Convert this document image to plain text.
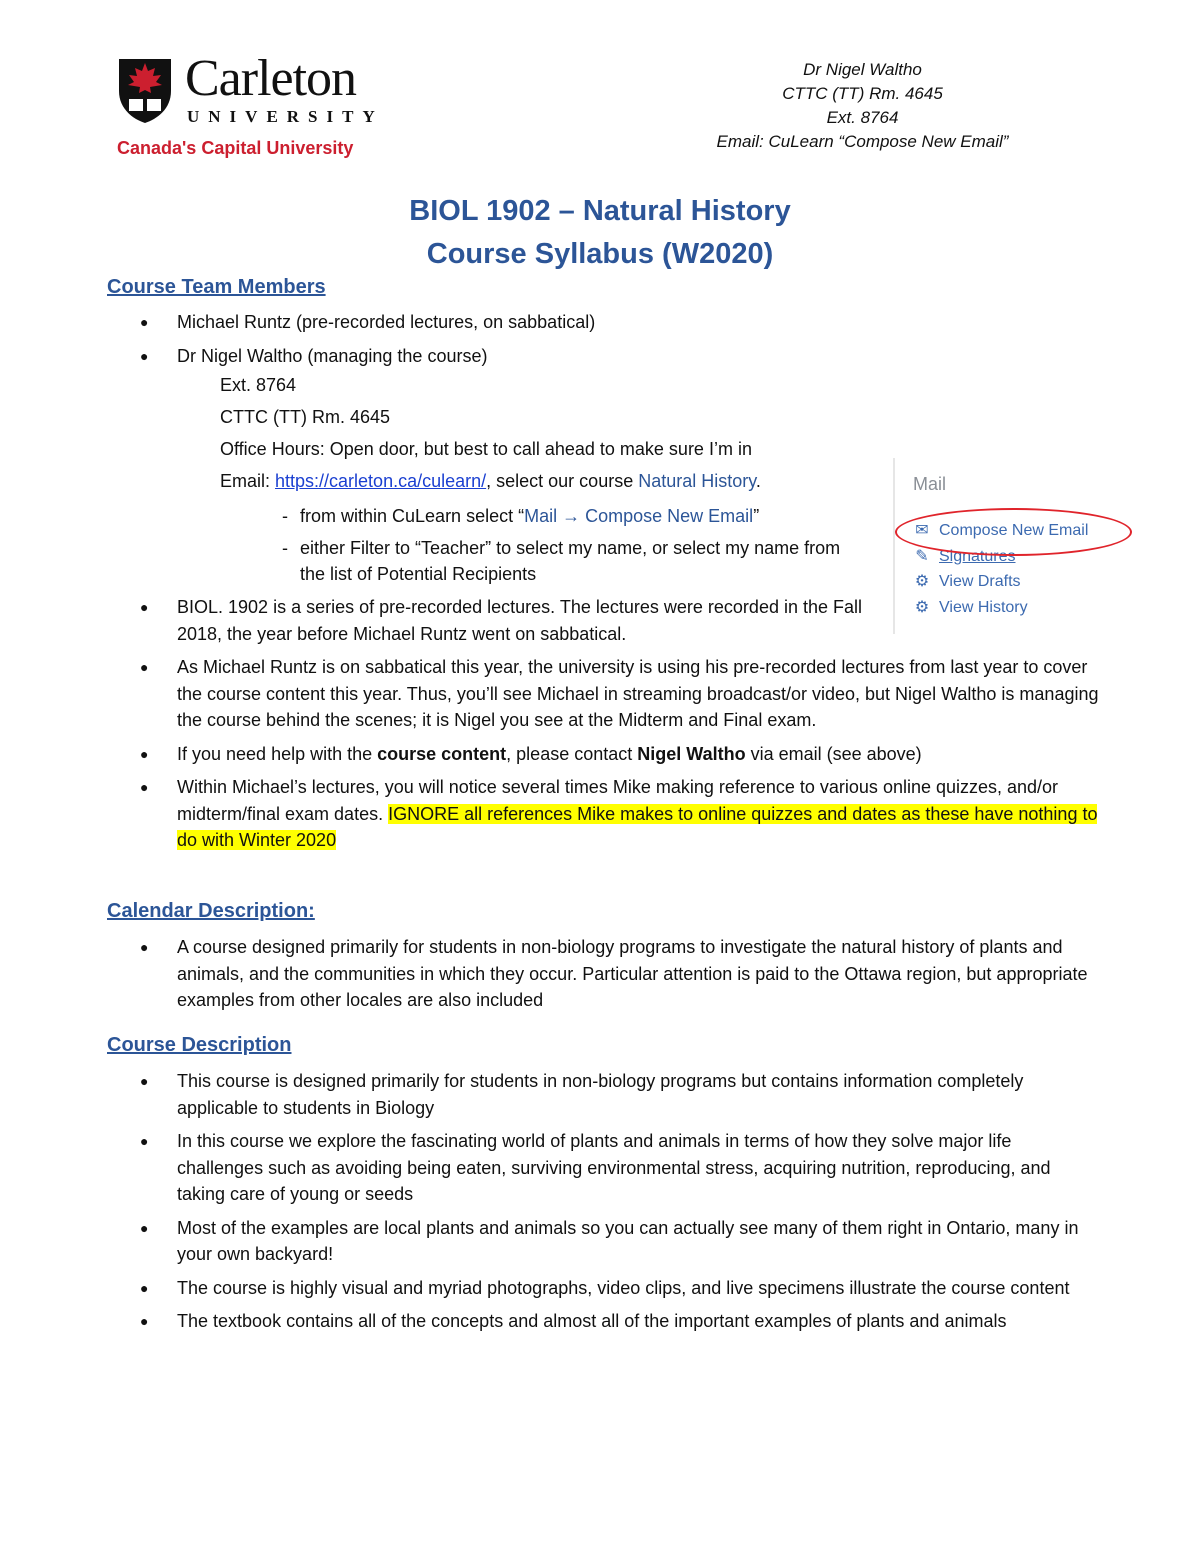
Carleton
UNIVERSITY
Canada's Capital University
Dr Nigel Waltho
CTTC (TT) Rm. 4645
Ext. 8764
Email: CuLearn “Compose New Email”
BIOL 1902 – Natural History
Course Syllabus (W2020)
Course Team Members
● Michael Runtz (pre-recorded lectures, on sabbatical)
● Dr Nigel Waltho (managing the course)
Ext. 8764
CTTC (TT) Rm. 4645
Office Hours: Open door, but best to call ahead to make sure I’m in
Email: https://carleton.ca/culearn/, select our course Natural History.
- from within CuLearn select “Mail → Compose New Email”
- either Filter to “Teacher” to select my name, or select my name from the list of Potential Recipients
● BIOL. 1902 is a series of pre-recorded lectures. The lectures were recorded in the Fall 2018, the year before Michael Runtz went on sabbatical.
● As Michael Runtz is on sabbatical this year, the university is using his pre-recorded lectures from last year to cover the course content this year. Thus, you’ll see Michael in streaming broadcast/or video, but Nigel Waltho is managing the course behind the scenes; it is Nigel you see at the Midterm and Final exam.
● If you need help with the course content, please contact Nigel Waltho via email (see above)
● Within Michael’s lectures, you will notice several times Mike making reference to various online quizzes, and/or midterm/final exam dates. IGNORE all references Mike makes to online quizzes and dates as these have nothing to do with Winter 2020
Mail
✉ Compose New Email
✎ Signatures
⚙ View Drafts
⚙ View History
Calendar Description:
● A course designed primarily for students in non-biology programs to investigate the natural history of plants and animals, and the communities in which they occur. Particular attention is paid to the Ottawa region, but appropriate examples from other locales are also included
Course Description
● This course is designed primarily for students in non-biology programs but contains information completely applicable to students in Biology
● In this course we explore the fascinating world of plants and animals in terms of how they solve major life challenges such as avoiding being eaten, surviving environmental stress, acquiring nutrition, reproducing, and taking care of young or seeds
● Most of the examples are local plants and animals so you can actually see many of them right in Ontario, many in your own backyard!
● The course is highly visual and myriad photographs, video clips, and live specimens illustrate the course content
● The textbook contains all of the concepts and almost all of the important examples of plants and animals
